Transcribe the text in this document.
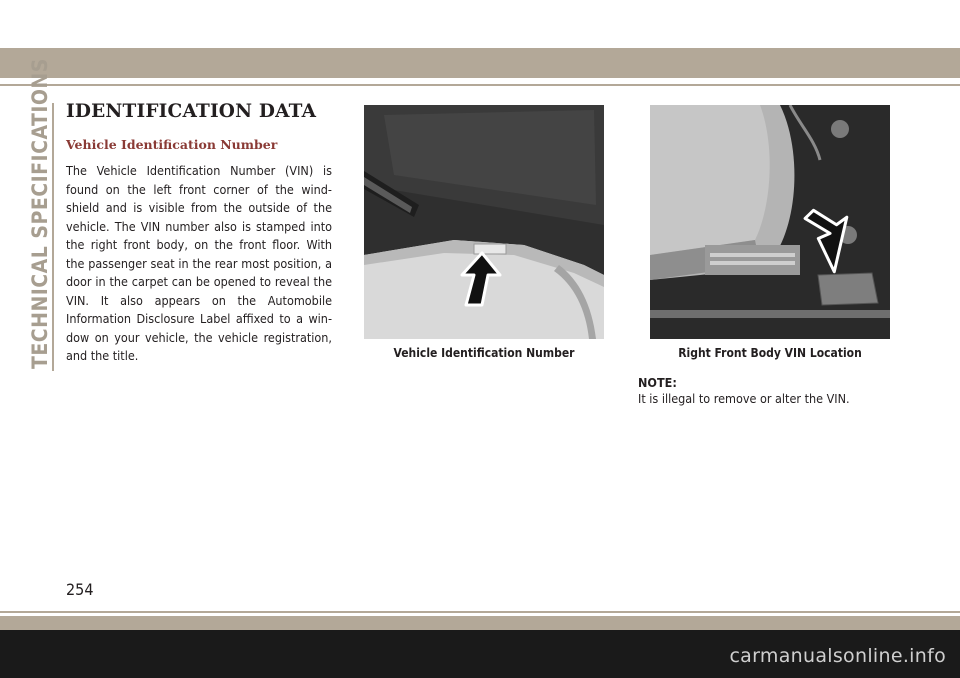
TECHNICAL SPECIFICATIONS IDENTIFICATION DATA
Vehicle Identification Number

The Vehicle Identification Number (VIN) is found on the left front corner of the wind-shield and is visible from the outside of the vehicle. The VIN number also is stamped into the right front body, on the front floor. With the passenger seat in the rear most position, a door in the carpet can be opened to reveal the VIN. It also appears on the Automobile Information Disclosure Label affixed to a win-dow on your vehicle, the vehicle registration, and the title.	Vehicle Identification Number	Right Front Body VIN Location
NOTE:
It is illegal to remove or alter the VIN.
254
carmanualsonline.info
